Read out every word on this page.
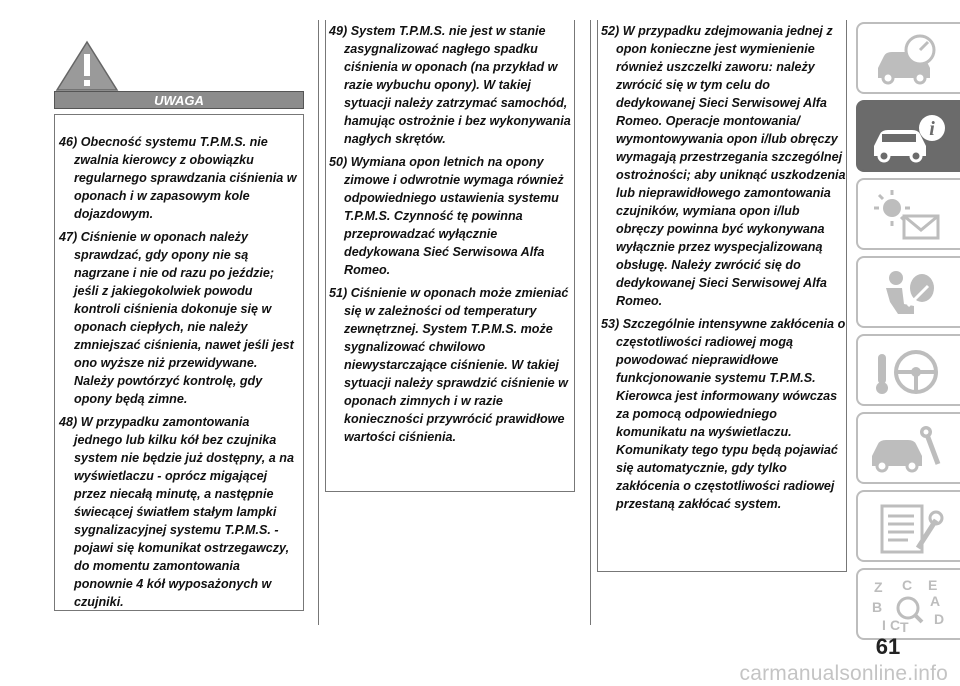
UWAGA

46) Obecność systemu T.P.M.S. nie zwalnia kierowcy z obowiązku regularnego sprawdzania ciśnienia w oponach i w zapasowym kole dojazdowym.

47) Ciśnienie w oponach należy sprawdzać, gdy opony nie są nagrzane i nie od razu po jeździe; jeśli z jakiegokolwiek powodu kontroli ciśnienia dokonuje się w oponach ciepłych, nie należy zmniejszać ciśnienia, nawet jeśli jest ono wyższe niż przewidywane. Należy powtórzyć kontrolę, gdy opony będą zimne.

48) W przypadku zamontowania jednego lub kilku kół bez czujnika system nie będzie już dostępny, a na wyświetlaczu - oprócz migającej przez niecałą minutę, a następnie świecącej światłem stałym lampki sygnalizacyjnej systemu T.P.M.S. - pojawi się komunikat ostrzegawczy, do momentu zamontowania ponownie 4 kół wyposażonych w czujniki.

49) System T.P.M.S. nie jest w stanie zasygnalizować nagłego spadku ciśnienia w oponach (na przykład w razie wybuchu opony). W takiej sytuacji należy zatrzymać samochód, hamując ostrożnie i bez wykonywania nagłych skrętów.

50) Wymiana opon letnich na opony zimowe i odwrotnie wymaga również odpowiedniego ustawienia systemu T.P.M.S. Czynność tę powinna przeprowadzać wyłącznie dedykowana Sieć Serwisowa Alfa Romeo.

51) Ciśnienie w oponach może zmieniać się w zależności od temperatury zewnętrznej. System T.P.M.S. może sygnalizować chwilowo niewystarczające ciśnienie. W takiej sytuacji należy sprawdzić ciśnienie w oponach zimnych i w razie konieczności przywrócić prawidłowe wartości ciśnienia.

52) W przypadku zdejmowania jednej z opon konieczne jest wymienienie również uszczelki zaworu: należy zwrócić się w tym celu do dedykowanej Sieci Serwisowej Alfa Romeo. Operacje montowania/ wymontowywania opon i/lub obręczy wymagają przestrzegania szczególnej ostrożności; aby uniknąć uszkodzenia lub nieprawidłowego zamontowania czujników, wymiana opon i/lub obręczy powinna być wykonywana wyłącznie przez wyspecjalizowaną obsługę. Należy zwrócić się do dedykowanej Sieci Serwisowej Alfa Romeo.

53) Szczególnie intensywne zakłócenia o częstotliwości radiowej mogą powodować nieprawidłowe funkcjonowanie systemu T.P.M.S. Kierowca jest informowany wówczas za pomocą odpowiedniego komunikatu na wyświetlaczu. Komunikaty tego typu będą pojawiać się automatycznie, gdy tylko zakłócenia o częstotliwości radiowej przestaną zakłócać system.

i
Z	E
B
C
A
D
I C T
61
carmanualsonline.info
